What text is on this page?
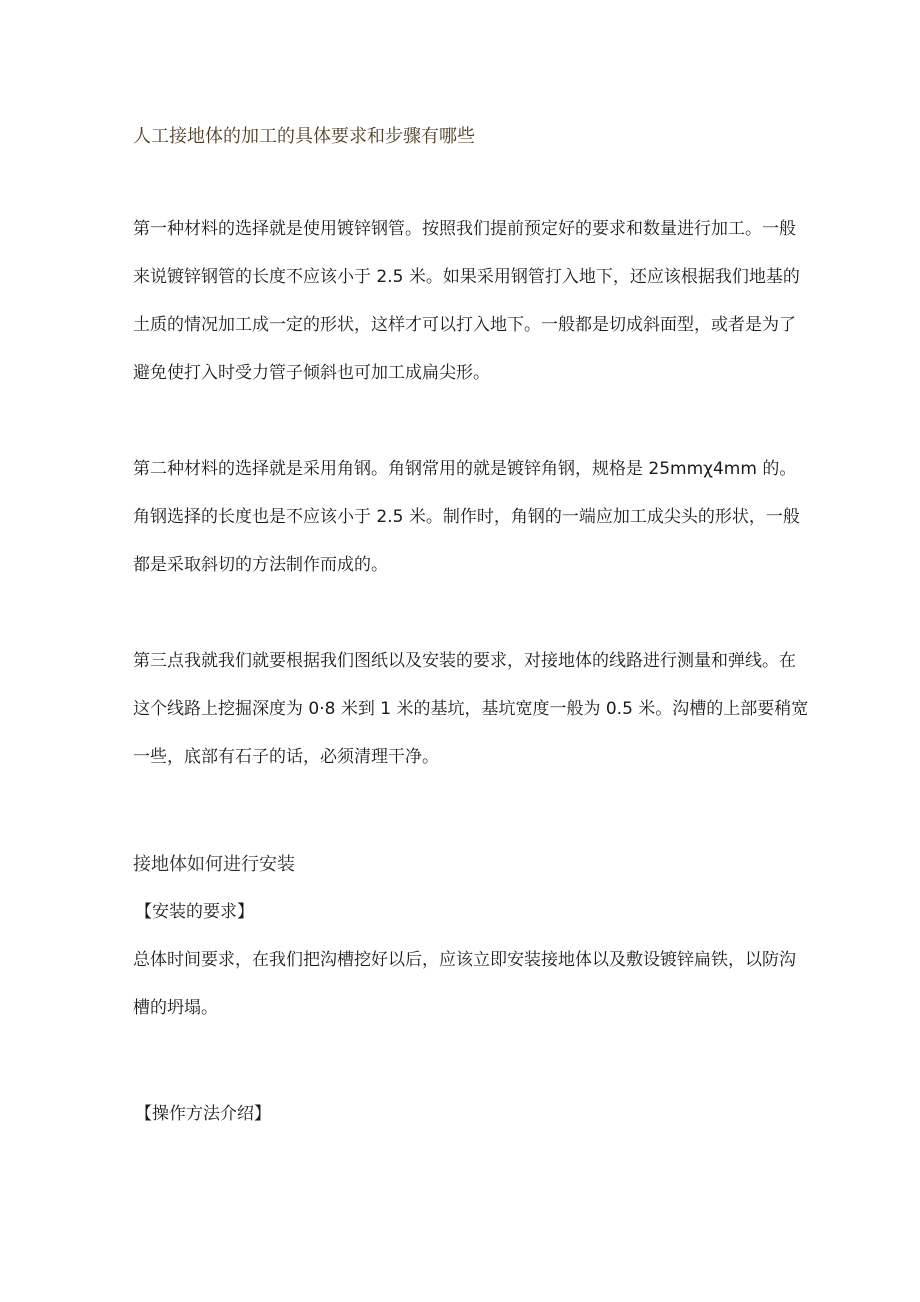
人工接地体的加工的具体要求和步骤有哪些
第一种材料的选择就是使用镀锌钢管。按照我们提前预定好的要求和数量进行加工。一般
来说镀锌钢管的长度不应该小于 2.5 米。如果采用钢管打入地下，还应该根据我们地基的
土质的情况加工成一定的形状，这样才可以打入地下。一般都是切成斜面型，或者是为了
避免使打入时受力管子倾斜也可加工成扁尖形。
第二种材料的选择就是采用角钢。角钢常用的就是镀锌角钢，规格是 25mmχ4mm 的。
角钢选择的长度也是不应该小于 2.5 米。制作时，角钢的一端应加工成尖头的形状，一般
都是采取斜切的方法制作而成的。
第三点我就我们就要根据我们图纸以及安装的要求，对接地体的线路进行测量和弹线。在
这个线路上挖掘深度为 0·8 米到 1 米的基坑，基坑宽度一般为 0.5 米。沟槽的上部要稍宽
一些，底部有石子的话，必须清理干净。
接地体如何进行安装
【安装的要求】
总体时间要求，在我们把沟槽挖好以后，应该立即安装接地体以及敷设镀锌扁铁，以防沟
槽的坍塌。
【操作方法介绍】
